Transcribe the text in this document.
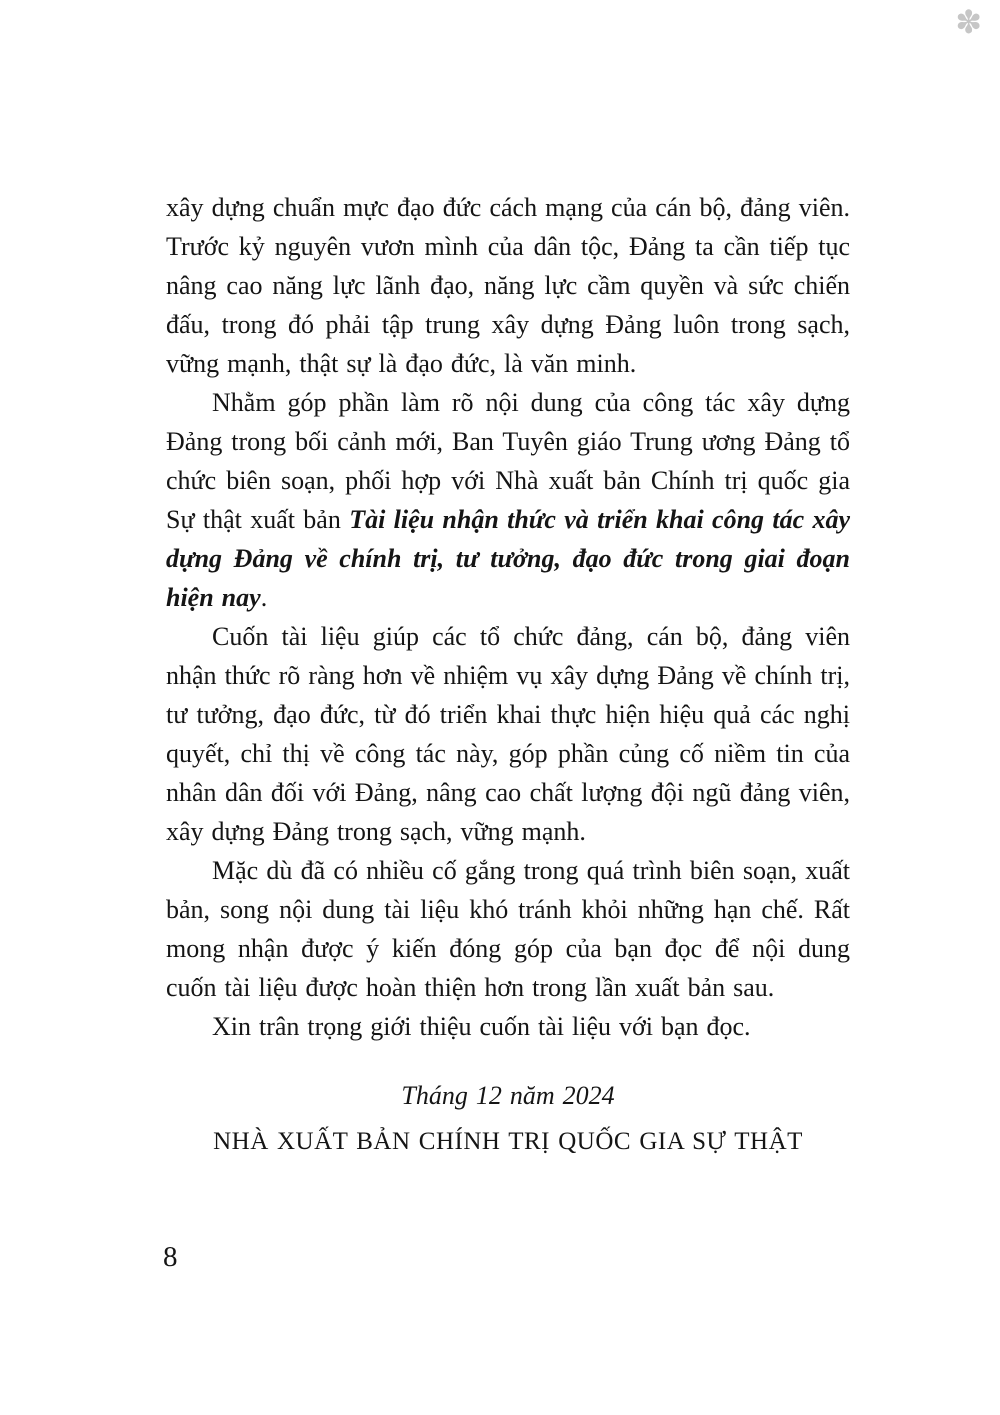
✽

xây dựng chuẩn mực đạo đức cách mạng của cán bộ, đảng viên. Trước kỷ nguyên vươn mình của dân tộc, Đảng ta cần tiếp tục nâng cao năng lực lãnh đạo, năng lực cầm quyền và sức chiến đấu, trong đó phải tập trung xây dựng Đảng luôn trong sạch, vững mạnh, thật sự là đạo đức, là văn minh.

Nhằm góp phần làm rõ nội dung của công tác xây dựng Đảng trong bối cảnh mới, Ban Tuyên giáo Trung ương Đảng tổ chức biên soạn, phối hợp với Nhà xuất bản Chính trị quốc gia Sự thật xuất bản Tài liệu nhận thức và triển khai công tác xây dựng Đảng về chính trị, tư tưởng, đạo đức trong giai đoạn hiện nay.

Cuốn tài liệu giúp các tổ chức đảng, cán bộ, đảng viên nhận thức rõ ràng hơn về nhiệm vụ xây dựng Đảng về chính trị, tư tưởng, đạo đức, từ đó triển khai thực hiện hiệu quả các nghị quyết, chỉ thị về công tác này, góp phần củng cố niềm tin của nhân dân đối với Đảng, nâng cao chất lượng đội ngũ đảng viên, xây dựng Đảng trong sạch, vững mạnh.

Mặc dù đã có nhiều cố gắng trong quá trình biên soạn, xuất bản, song nội dung tài liệu khó tránh khỏi những hạn chế. Rất mong nhận được ý kiến đóng góp của bạn đọc để nội dung cuốn tài liệu được hoàn thiện hơn trong lần xuất bản sau.

Xin trân trọng giới thiệu cuốn tài liệu với bạn đọc.

Tháng 12 năm 2024
NHÀ XUẤT BẢN CHÍNH TRỊ QUỐC GIA SỰ THẬT
8
